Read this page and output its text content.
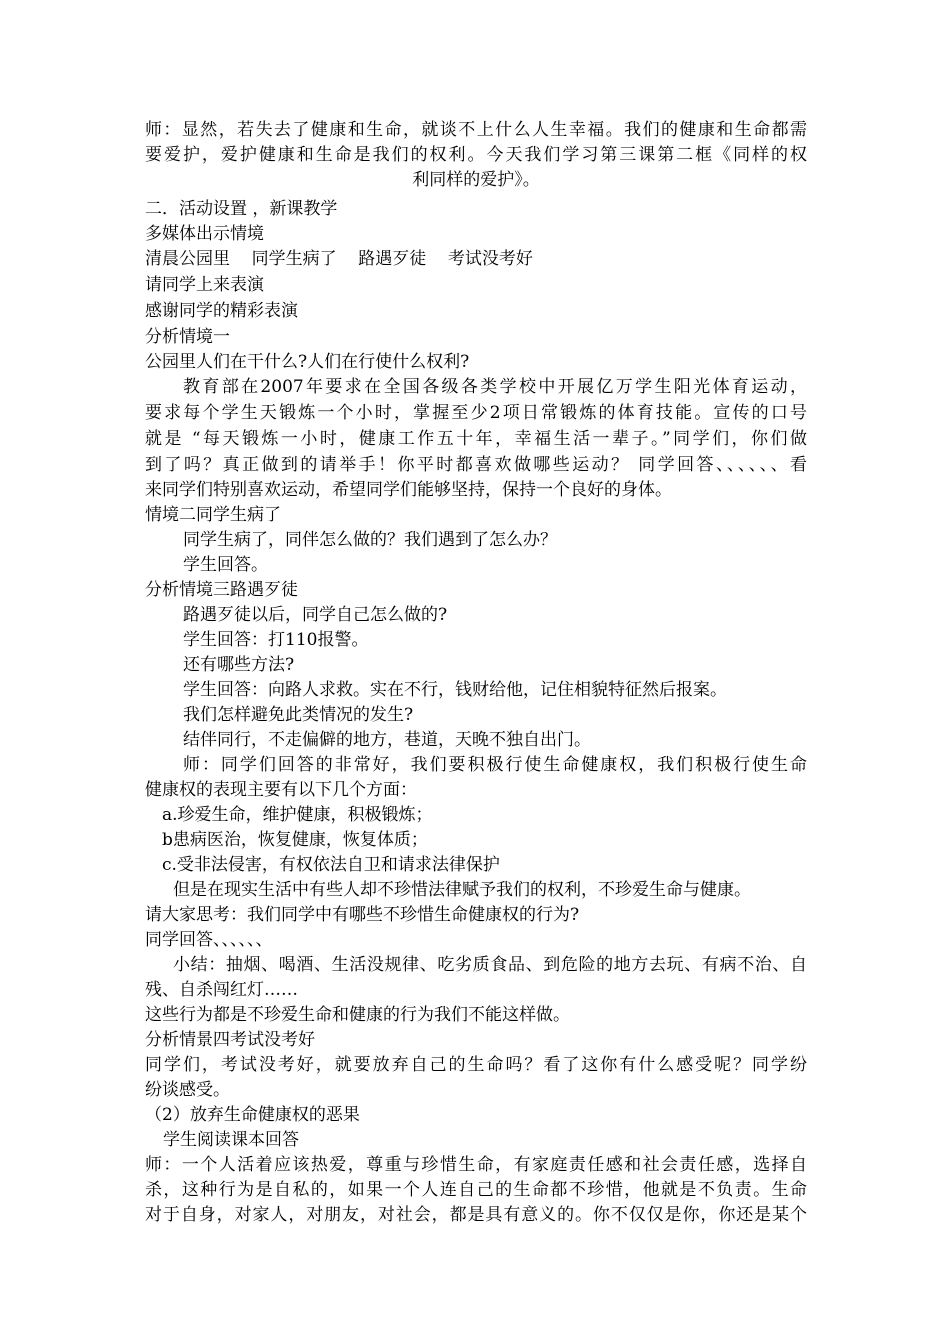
师：显然，若失去了健康和生命，就谈不上什么人生幸福。我们的健康和生命都需
要爱护，爱护健康和生命是我们的权利。今天我们学习第三课第二框《同样的权
利同样的爱护》。
二．活动设置 ，新课教学
多媒体出示情境
清晨公园里    同学生病了    路遇歹徒    考试没考好
请同学上来表演
感谢同学的精彩表演
分析情境一
公园里人们在干什么?人们在行使什么权利?
教育部在2007年要求在全国各级各类学校中开展亿万学生阳光体育运动，
要求每个学生天锻炼一个小时，掌握至少2项日常锻炼的体育技能。宣传的口号
就是 “每天锻炼一小时，健康工作五十年，幸福生活一辈子。”同学们，你们做
到了吗？真正做到的请举手！你平时都喜欢做哪些运动？ 同学回答、、、、、、看
来同学们特别喜欢运动，希望同学们能够坚持，保持一个良好的身体。
情境二同学生病了
同学生病了，同伴怎么做的？我们遇到了怎么办？
学生回答。
分析情境三路遇歹徒
路遇歹徒以后，同学自己怎么做的?
学生回答：打110报警。
还有哪些方法?
学生回答：向路人求救。实在不行，钱财给他，记住相貌特征然后报案。
我们怎样避免此类情况的发生?
结伴同行，不走偏僻的地方，巷道，天晚不独自出门。
师：同学们回答的非常好，我们要积极行使生命健康权，我们积极行使生命
健康权的表现主要有以下几个方面：
a.珍爱生命，维护健康，积极锻炼；
b患病医治，恢复健康，恢复体质；
c.受非法侵害，有权依法自卫和请求法律保护
但是在现实生活中有些人却不珍惜法律赋予我们的权利，不珍爱生命与健康。
请大家思考：我们同学中有哪些不珍惜生命健康权的行为?
同学回答、、、、、、
小结：抽烟、喝酒、生活没规律、吃劣质食品、到危险的地方去玩、有病不治、自
残、自杀闯红灯……
这些行为都是不珍爱生命和健康的行为我们不能这样做。
分析情景四考试没考好
同学们，考试没考好，就要放弃自己的生命吗？看了这你有什么感受呢？同学纷
纷谈感受。
（2）放弃生命健康权的恶果
学生阅读课本回答
师：一个人活着应该热爱，尊重与珍惜生命，有家庭责任感和社会责任感，选择自
杀，这种行为是自私的，如果一个人连自己的生命都不珍惜，他就是不负责。生命
对于自身，对家人，对朋友，对社会，都是具有意义的。你不仅仅是你，你还是某个
